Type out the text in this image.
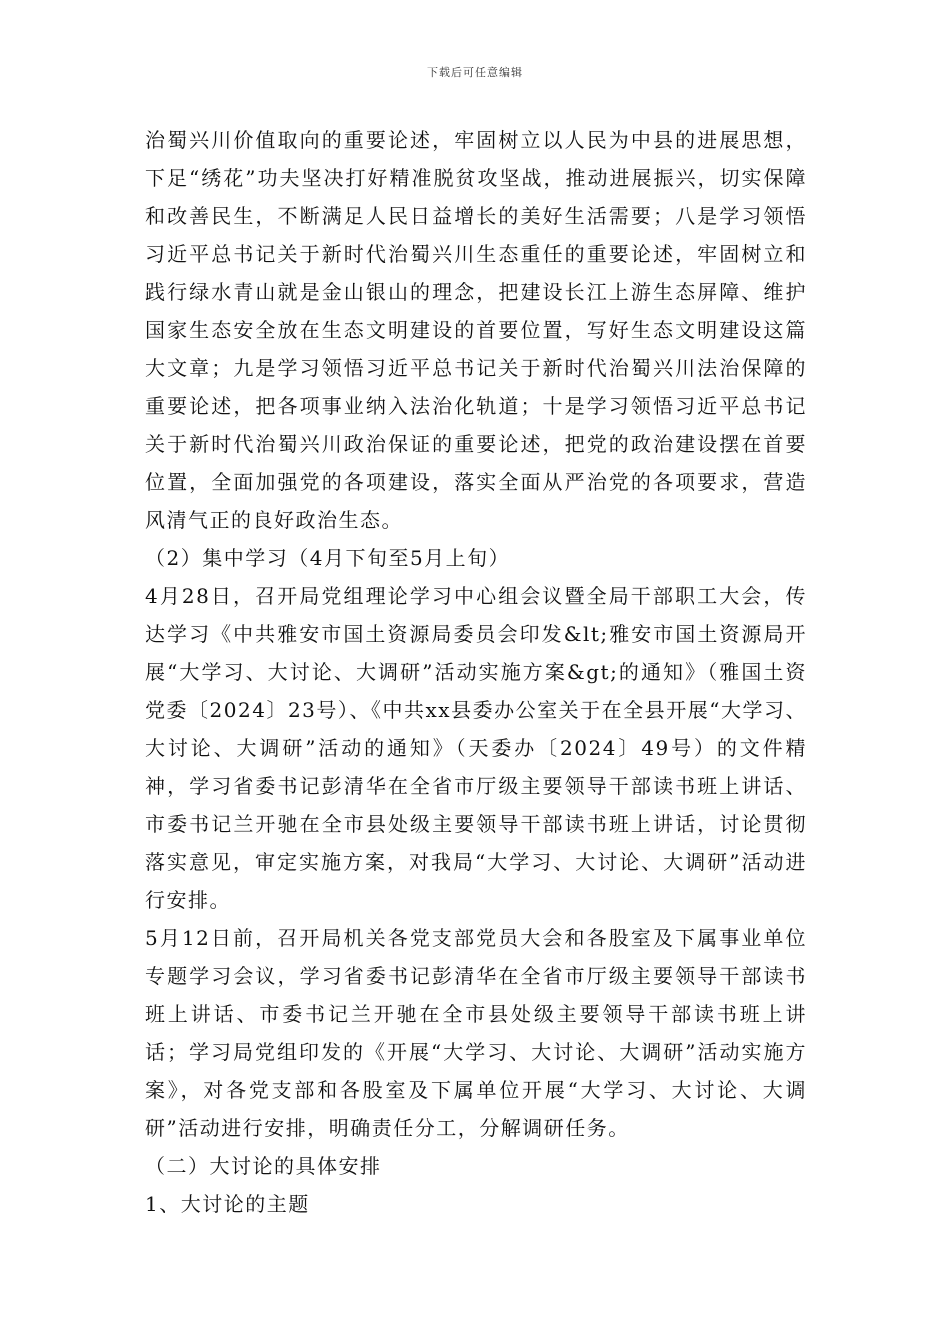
下载后可任意编辑

治蜀兴川价值取向的重要论述，牢固树立以人民为中县的进展思想，下足“绣花”功夫坚决打好精准脱贫攻坚战，推动进展振兴，切实保障和改善民生，不断满足人民日益增长的美好生活需要；八是学习领悟习近平总书记关于新时代治蜀兴川生态重任的重要论述，牢固树立和践行绿水青山就是金山银山的理念，把建设长江上游生态屏障、维护国家生态安全放在生态文明建设的首要位置，写好生态文明建设这篇大文章；九是学习领悟习近平总书记关于新时代治蜀兴川法治保障的重要论述，把各项事业纳入法治化轨道；十是学习领悟习近平总书记关于新时代治蜀兴川政治保证的重要论述，把党的政治建设摆在首要位置，全面加强党的各项建设，落实全面从严治党的各项要求，营造风清气正的良好政治生态。

（2）集中学习（4月下旬至5月上旬）

4月28日，召开局党组理论学习中心组会议暨全局干部职工大会，传达学习《中共雅安市国土资源局委员会印发&lt;雅安市国土资源局开展“大学习、大讨论、大调研”活动实施方案&gt;的通知》（雅国土资党委〔2024〕23号）、《中共xx县委办公室关于在全县开展“大学习、大讨论、大调研”活动的通知》（天委办〔2024〕49号）的文件精神，学习省委书记彭清华在全省市厅级主要领导干部读书班上讲话、市委书记兰开驰在全市县处级主要领导干部读书班上讲话，讨论贯彻落实意见，审定实施方案，对我局“大学习、大讨论、大调研”活动进行安排。

5月12日前，召开局机关各党支部党员大会和各股室及下属事业单位专题学习会议，学习省委书记彭清华在全省市厅级主要领导干部读书班上讲话、市委书记兰开驰在全市县处级主要领导干部读书班上讲话；学习局党组印发的《开展“大学习、大讨论、大调研”活动实施方案》，对各党支部和各股室及下属单位开展“大学习、大讨论、大调研”活动进行安排，明确责任分工，分解调研任务。

（二）大讨论的具体安排

1、大讨论的主题
